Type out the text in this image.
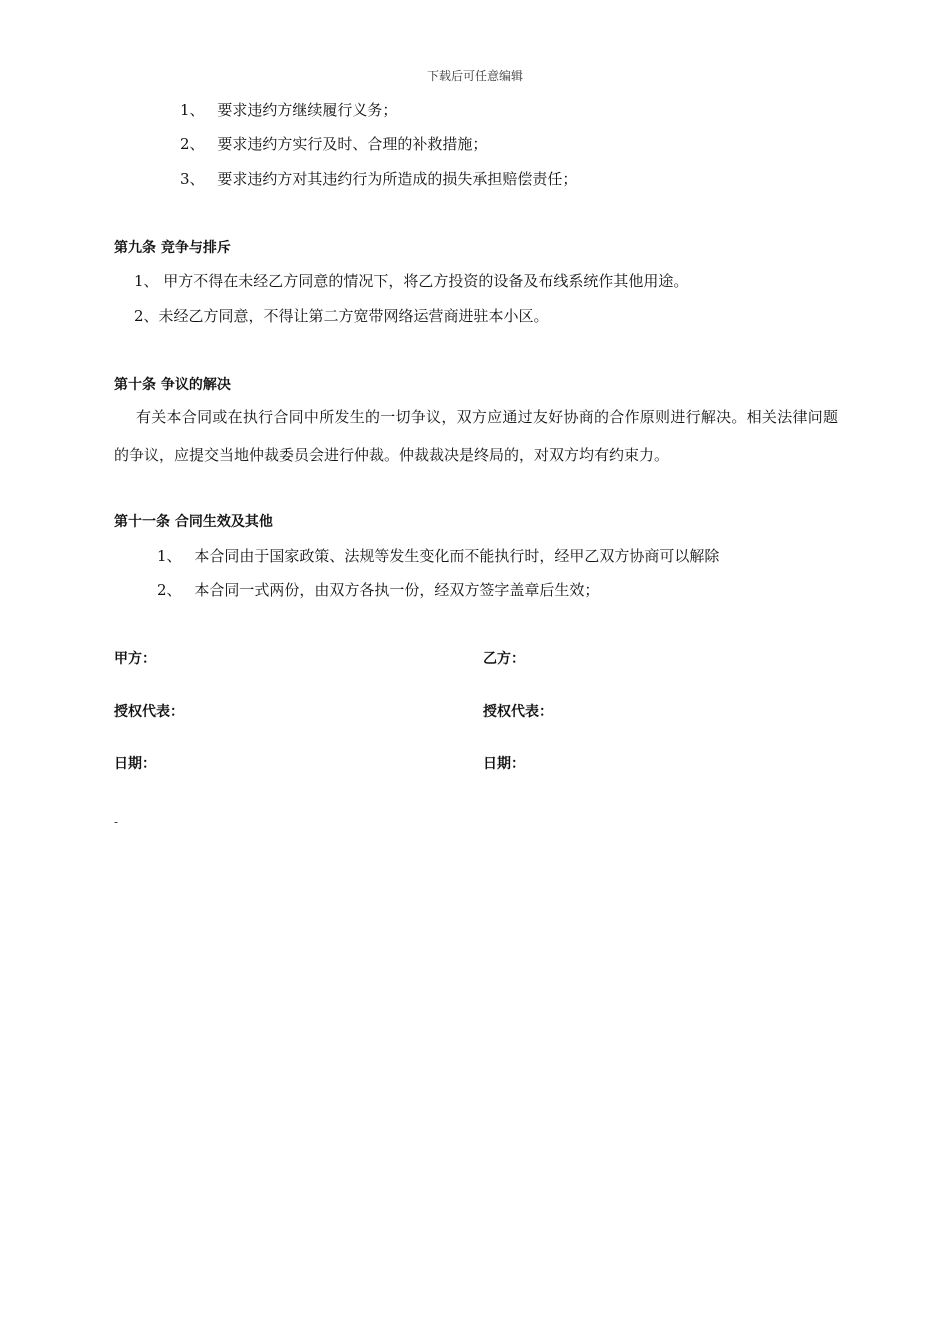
下载后可任意编辑
1、 要求违约方继续履行义务；
2、 要求违约方实行及时、合理的补救措施；
3、 要求违约方对其违约行为所造成的损失承担赔偿责任；
第九条 竞争与排斥
1、 甲方不得在未经乙方同意的情况下，将乙方投资的设备及布线系统作其他用途。
2、未经乙方同意，不得让第二方宽带网络运营商进驻本小区。
第十条 争议的解决
有关本合同或在执行合同中所发生的一切争议，双方应通过友好协商的合作原则进行解决。相关法律问题的争议，应提交当地仲裁委员会进行仲裁。仲裁裁决是终局的，对双方均有约束力。
第十一条 合同生效及其他
1、 本合同由于国家政策、法规等发生变化而不能执行时，经甲乙双方协商可以解除
2、 本合同一式两份，由双方各执一份，经双方签字盖章后生效；
甲方：	乙方：
授权代表：	授权代表：
日期：	日期：
-
